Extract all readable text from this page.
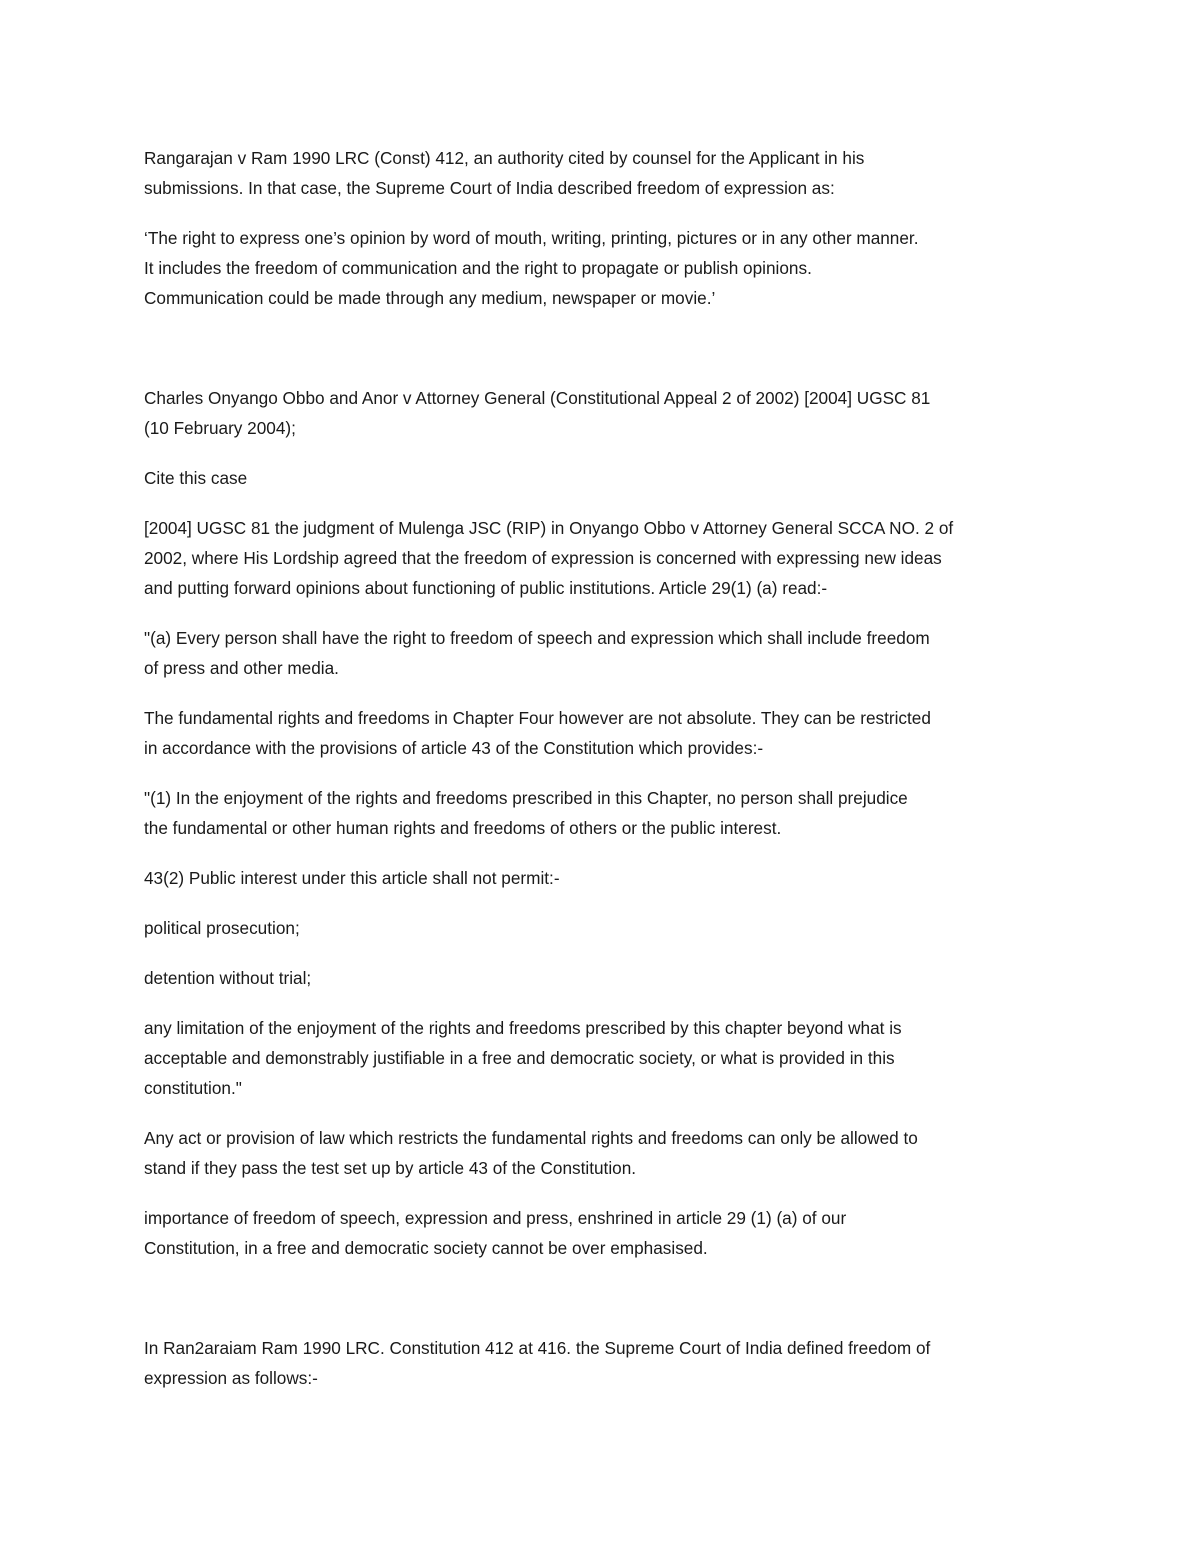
Rangarajan v Ram 1990 LRC (Const) 412, an authority cited by counsel for the Applicant in his
submissions. In that case, the Supreme Court of India described freedom of expression as:

‘The right to express one’s opinion by word of mouth, writing, printing, pictures or in any other manner.
It includes the freedom of communication and the right to propagate or publish opinions.
Communication could be made through any medium, newspaper or movie.’

Charles Onyango Obbo and Anor v Attorney General (Constitutional Appeal 2 of 2002) [2004] UGSC 81
(10 February 2004);

Cite this case

[2004] UGSC 81 the judgment of Mulenga JSC (RIP) in Onyango Obbo v Attorney General SCCA NO. 2 of
2002, where His Lordship agreed that the freedom of expression is concerned with expressing new ideas
and putting forward opinions about functioning of public institutions. Article 29(1) (a) read:-

"(a) Every person shall have the right to freedom of speech and expression which shall include freedom
of press and other media.

The fundamental rights and freedoms in Chapter Four however are not absolute. They can be restricted
in accordance with the provisions of article 43 of the Constitution which provides:-

"(1) In the enjoyment of the rights and freedoms prescribed in this Chapter, no person shall prejudice
the fundamental or other human rights and freedoms of others or the public interest.

43(2) Public interest under this article shall not permit:-

political prosecution;

detention without trial;

any limitation of the enjoyment of the rights and freedoms prescribed by this chapter beyond what is
acceptable and demonstrably justifiable in a free and democratic society, or what is provided in this
constitution."

Any act or provision of law which restricts the fundamental rights and freedoms can only be allowed to
stand if they pass the test set up by article 43 of the Constitution.

importance of freedom of speech, expression and press, enshrined in article 29 (1) (a) of our
Constitution, in a free and democratic society cannot be over emphasised.

In Ran2araiam Ram 1990 LRC. Constitution 412 at 416. the Supreme Court of India defined freedom of
expression as follows:-
